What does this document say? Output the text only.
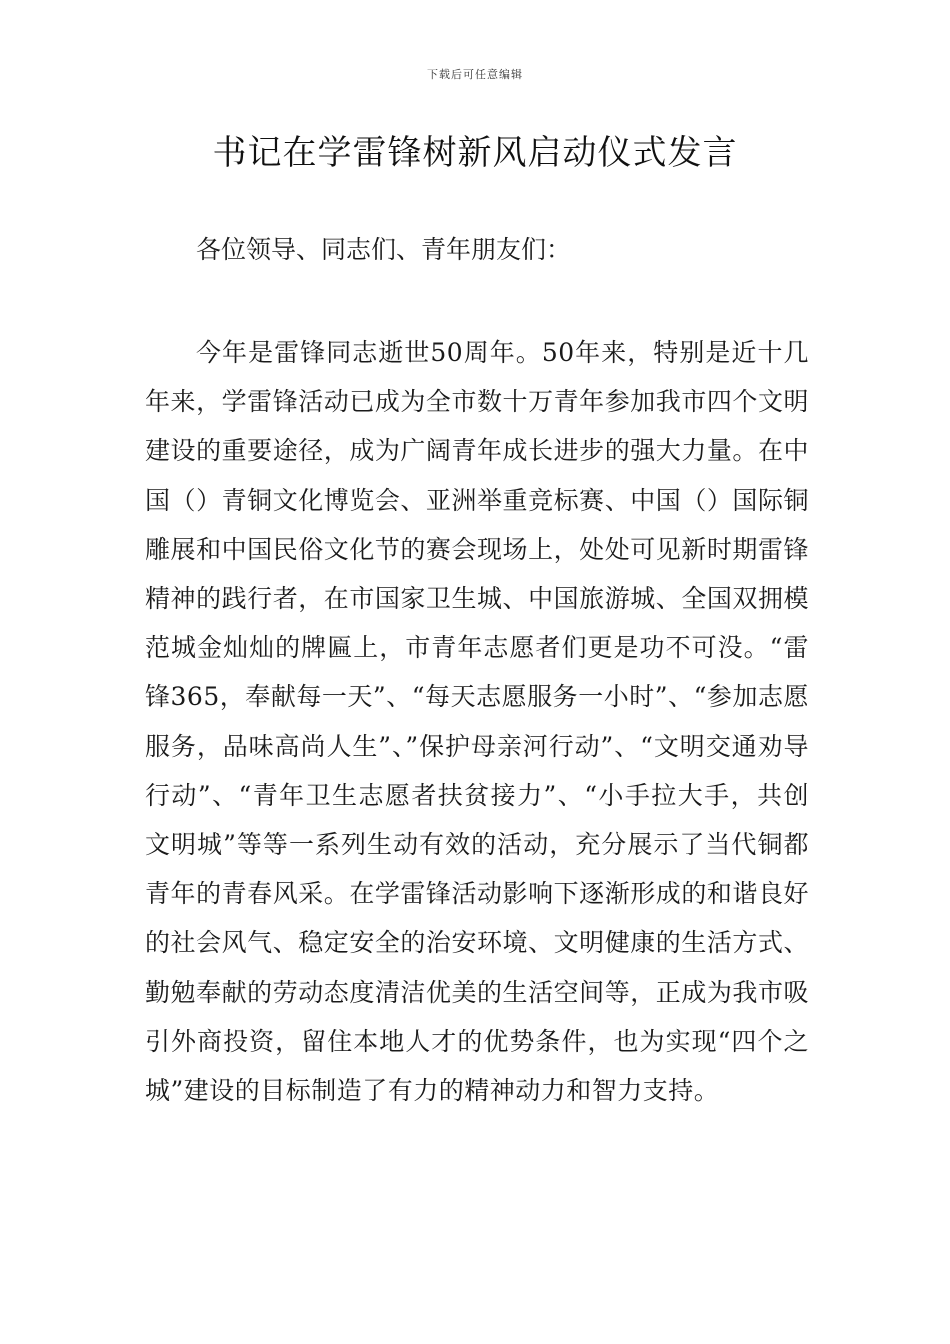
下载后可任意编辑
书记在学雷锋树新风启动仪式发言

各位领导、同志们、青年朋友们：

今年是雷锋同志逝世50周年。50年来，特别是近十几年来，学雷锋活动已成为全市数十万青年参加我市四个文明建设的重要途径，成为广阔青年成长进步的强大力量。在中国（）青铜文化博览会、亚洲举重竞标赛、中国（）国际铜雕展和中国民俗文化节的赛会现场上，处处可见新时期雷锋精神的践行者，在市国家卫生城、中国旅游城、全国双拥模范城金灿灿的牌匾上，市青年志愿者们更是功不可没。“雷锋365，奉献每一天”、“每天志愿服务一小时”、“参加志愿服务，品味高尚人生”、”保护母亲河行动”、“文明交通劝导行动”、“青年卫生志愿者扶贫接力”、“小手拉大手，共创文明城”等等一系列生动有效的活动，充分展示了当代铜都青年的青春风采。在学雷锋活动影响下逐渐形成的和谐良好的社会风气、稳定安全的治安环境、文明健康的生活方式、勤勉奉献的劳动态度清洁优美的生活空间等，正成为我市吸引外商投资，留住本地人才的优势条件，也为实现“四个之城”建设的目标制造了有力的精神动力和智力支持。
